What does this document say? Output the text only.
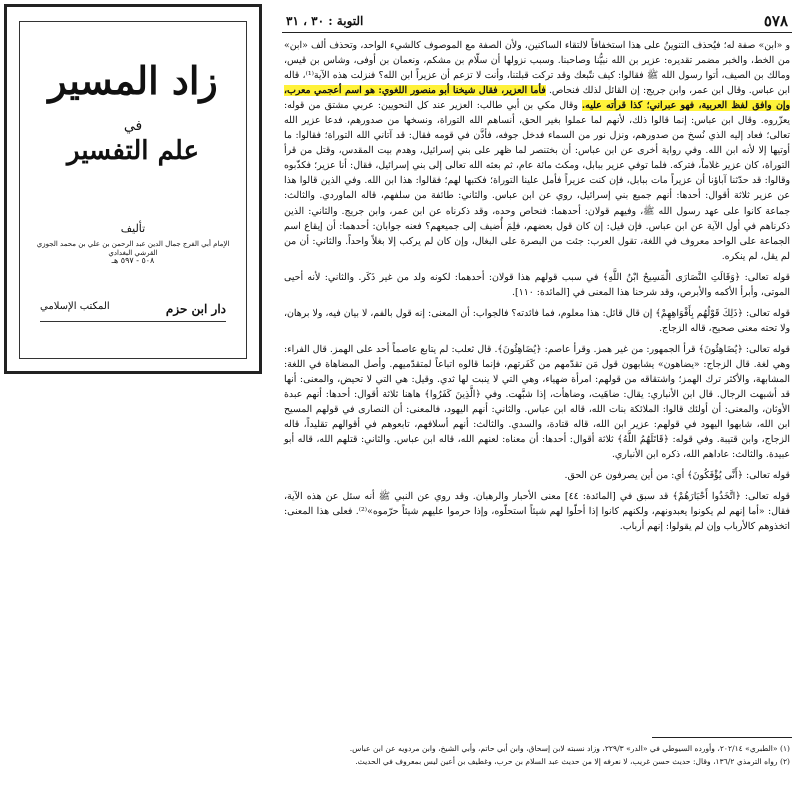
زاد المسير
في
علم التفسير
تأليف
الإمام أبي الفرج جمال الدين عبد الرحمن بن علي بن محمد الجوزي القرشي البغدادي
٥٠٨ - ٥٩٧ هـ
دار ابن حزم
المكتب الإسلامي
٥٧٨
التوبة : ٣٠ ، ٣١

و «ابن» صفة له؛ فيُحذف التنوينُ على هذا استخفافاً لالتقاء الساكنين، ولأن الصفة مع الموصوف كالشيء الواحد، وتحذف ألف «ابن» من الخط، والخبر مضمر تقديره: عزير بن الله نبيُّنا وصاحبنا. وسبب نزولها أن سلّام بن مشكم، ونعمان بن أوفى، وشاس بن قيس، ومالك بن الصيف، أتوا رسول الله ﷺ فقالوا: كيف نتّبعك وقد تركت قبلتنا، وأنت لا تزعم أن عزيراً ابن الله؟ فنزلت هذه الآية⁽¹⁾، قاله ابن عباس. وقال ابن عمر، وابن جريج: إن القائل لذلك فنحاص. فأما العزير، فقال شيخنا أبو منصور اللغوي: هو اسم أعجمي معرب، وإن وافق لفظ العربية، فهو عبراني؛ كذا قرأته عليه. وقال مكي بن أبي طالب: العزير عند كل النحويين: عربي مشتق من قوله: يعزّروه. وقال ابن عباس: إنما قالوا ذلك، لأنهم لما عملوا بغير الحق، أنساهم الله التوراة، ونسخها من صدورهم، فدعا عزير الله تعالى؛ فعاد إليه الذي نُسخ من صدورهم، ونزل نور من السماء فدخل جوفه، فأذَّن في قومه فقال: قد آتاني الله التوراة؛ فقالوا: ما أوتيها إلا لأنه ابن الله. وفي رواية أخرى عن ابن عباس: أن بختنصر لما ظهر على بني إسرائيل، وهدم بيت المقدس، وقتل من قرأ التوراة، كان عزير غلاماً، فتركه. فلما توفي عزير ببابل، ومكث مائة عام، ثم بعثه الله تعالى إلى بني إسرائيل، فقال: أنا عزير؛ فكذّبوه وقالوا: قد حدّثنا آباؤنا أن عزيراً مات ببابل، فإن كنت عزيراً فأمل علينا التوراة؛ فكتبها لهم؛ فقالوا: هذا ابن الله. وفي الذين قالوا هذا عن عزير ثلاثة أقوال: أحدها: أنهم جميع بني إسرائيل، روي عن ابن عباس. والثاني: طائفة من سلفهم، قاله الماوردي. والثالث: جماعة كانوا على عهد رسول الله ﷺ، وفيهم قولان: أحدهما: فنحاص وحده، وقد ذكرناه عن ابن عمر، وابن جريج. والثاني: الذين ذكرناهم في أول الآية عن ابن عباس. فإن قيل: إن كان قول بعضهم، فلِمَ أُضيف إلى جميعهم؟ فعنه جوابان: أحدهما: أن إيقاع اسم الجماعة على الواحد معروف في اللغة، تقول العرب: جئت من البصرة على البغال، وإن كان لم يركب إلا بغلاً واحداً. والثاني: أن من لم يقل، لم ينكره.

قوله تعالى: ﴿وَقَالَتِ النَّصَارَى الْمَسِيحُ ابْنُ اللَّهِ﴾ في سبب قولهم هذا قولان: أحدهما: لكونه ولد من غير ذَكَر. والثاني: لأنه أحيى الموتى، وأبرأ الأكمه والأبرص، وقد شرحنا هذا المعنى في [المائدة: ١١٠].

قوله تعالى: ﴿ذَلِكَ قَوْلُهُم بِأَفْوَاهِهِمْ﴾ إن قال قائل: هذا معلوم، فما فائدته؟ فالجواب: أن المعنى: إنه قول بالفم، لا بيان فيه، ولا برهان، ولا تحته معنى صحيح، قاله الزجاج.

قوله تعالى: ﴿يُضَاهِئُونَ﴾ قرأ الجمهور: من غير همز. وقرأ عاصم: ﴿يُضَاهِئُونَ﴾. قال ثعلب: لم يتابع عاصماً أحد على الهمز. قال الفراء: وهي لغة. قال الزجاج: «يضاهون» يشابهون قول مَن تقدّمهم من كَفَرتهم، فإنما قالوه اتباعاً لمتقدّميهم. وأصل المضاهاة في اللغة: المشابهة، والأكثر ترك الهمز؛ واشتقاقه من قولهم: امرأة ضهياء، وهي التي لا ينبت لها ثدي. وقيل: هي التي لا تحيض، والمعنى: أنها قد أشبهت الرجال. قال ابن الأنباري: يقال: ضاهَيت، وضاهأت، إذا شبَّهت. وفي ﴿الَّذِينَ كَفَرُوا﴾ هاهنا ثلاثة أقوال: أحدها: أنهم عبدة الأوثان، والمعنى: أن أولئك قالوا: الملائكة بنات الله، قاله ابن عباس. والثاني: أنهم اليهود، فالمعنى: أن النصارى في قولهم المسيح ابن الله، شابهوا اليهود في قولهم: عزير ابن الله، قاله قتادة، والسدي. والثالث: أنهم أسلافهم، تابعوهم في أقوالهم تقليداً، قاله الزجاج، وابن قتيبة. وفي قوله: ﴿قَاتَلَهُمُ اللَّهُ﴾ ثلاثة أقوال: أحدها: أن معناه: لعنهم الله، قاله ابن عباس. والثاني: قتلهم الله، قاله أبو عبيدة. والثالث: عاداهم الله، ذكره ابن الأنباري.

قوله تعالى: ﴿أَنَّى يُؤْفَكُونَ﴾ أي: من أين يصرفون عن الحق.

قوله تعالى: ﴿اتَّخَذُوا أَحْبَارَهُمْ﴾ قد سبق في [المائدة: ٤٤] معنى الأحبار والرهبان. وقد روي عن النبي ﷺ أنه سئل عن هذه الآية، فقال: «أما إنهم لم يكونوا يعبدونهم، ولكنهم كانوا إذا أحلّوا لهم شيئاً استحلّوه، وإذا حرموا عليهم شيئاً حرّموه»⁽²⁾. فعلى هذا المعنى: اتخذوهم كالأرباب وإن لم يقولوا: إنهم أرباب.

(١) «الطبري» ٢٠٢/١٤، وأورده السيوطي في «الدر» ٢٢٩/٣، وزاد نسبته لابن إسحاق، وابن أبي حاتم، وأبي الشيخ، وابن مردويه عن ابن عباس.

(٢) رواه الترمذي ١٣٦/٢، وقال: حديث حسن غريب، لا نعرفه إلا من حديث عبد السلام بن حرب، وغطيف بن أعين ليس بمعروف في الحديث.
